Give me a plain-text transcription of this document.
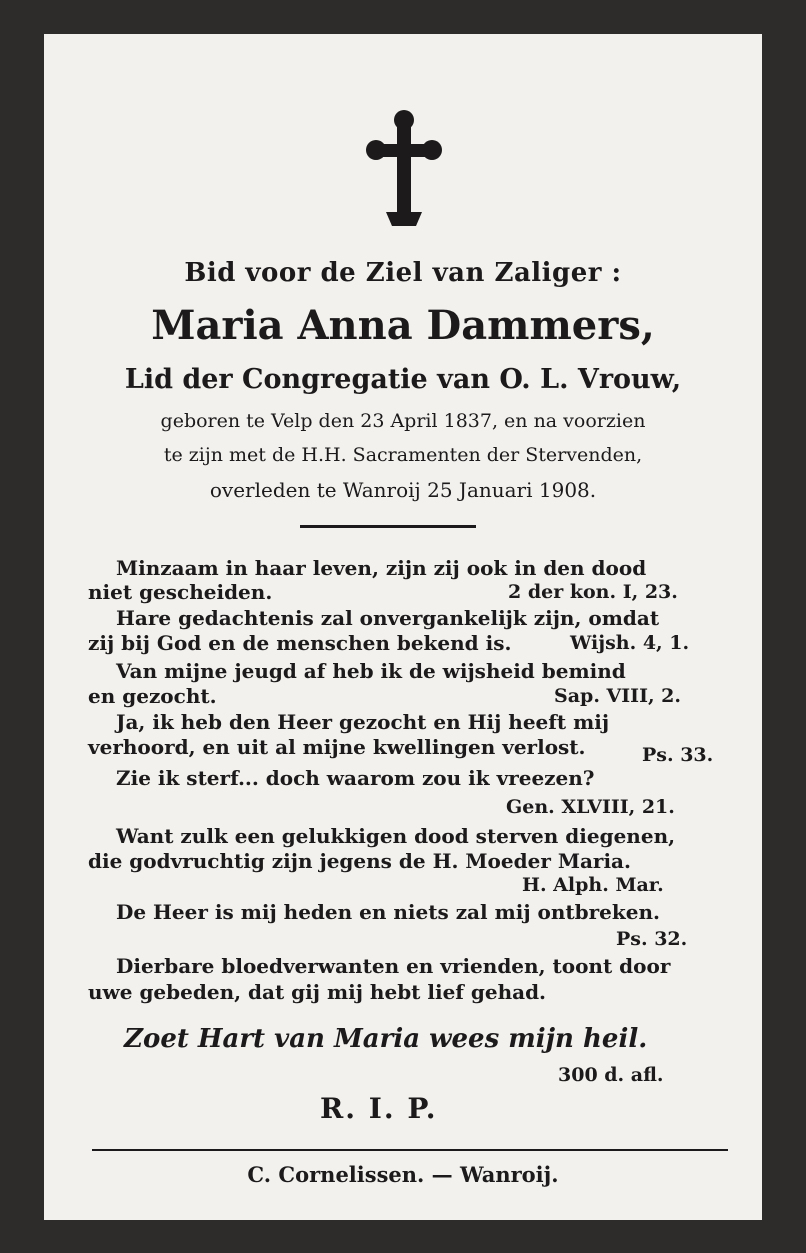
Bid voor de Ziel van Zaliger :
Maria Anna Dammers,
Lid der Congregatie van O. L. Vrouw,
geboren te Velp den 23 April 1837, en na voorzien
te zijn met de H.H. Sacramenten der Stervenden,
overleden te Wanroij 25 Januari 1908.
Minzaam in haar leven, zijn zij ook in den dood
niet gescheiden.	2 der kon. I, 23.
Hare gedachtenis zal onvergankelijk zijn, omdat
zij bij God en de menschen bekend is.	Wijsh. 4, 1.
Van mijne jeugd af heb ik de wijsheid bemind
en gezocht.	Sap. VIII, 2.
Ja, ik heb den Heer gezocht en Hij heeft mij
verhoord, en uit al mijne kwellingen verlost.	Ps. 33.
Zie ik sterf... doch waarom zou ik vreezen?
Gen. XLVIII, 21.
Want zulk een gelukkigen dood sterven diegenen,
die godvruchtig zijn jegens de H. Moeder Maria.
H. Alph. Mar.
De Heer is mij heden en niets zal mij ontbreken.
Ps. 32.
Dierbare bloedverwanten en vrienden, toont door
uwe gebeden, dat gij mij hebt lief gehad.
Zoet Hart van Maria wees mijn heil.
300 d. afl.
R. I. P.
C. Cornelissen. — Wanroij.
